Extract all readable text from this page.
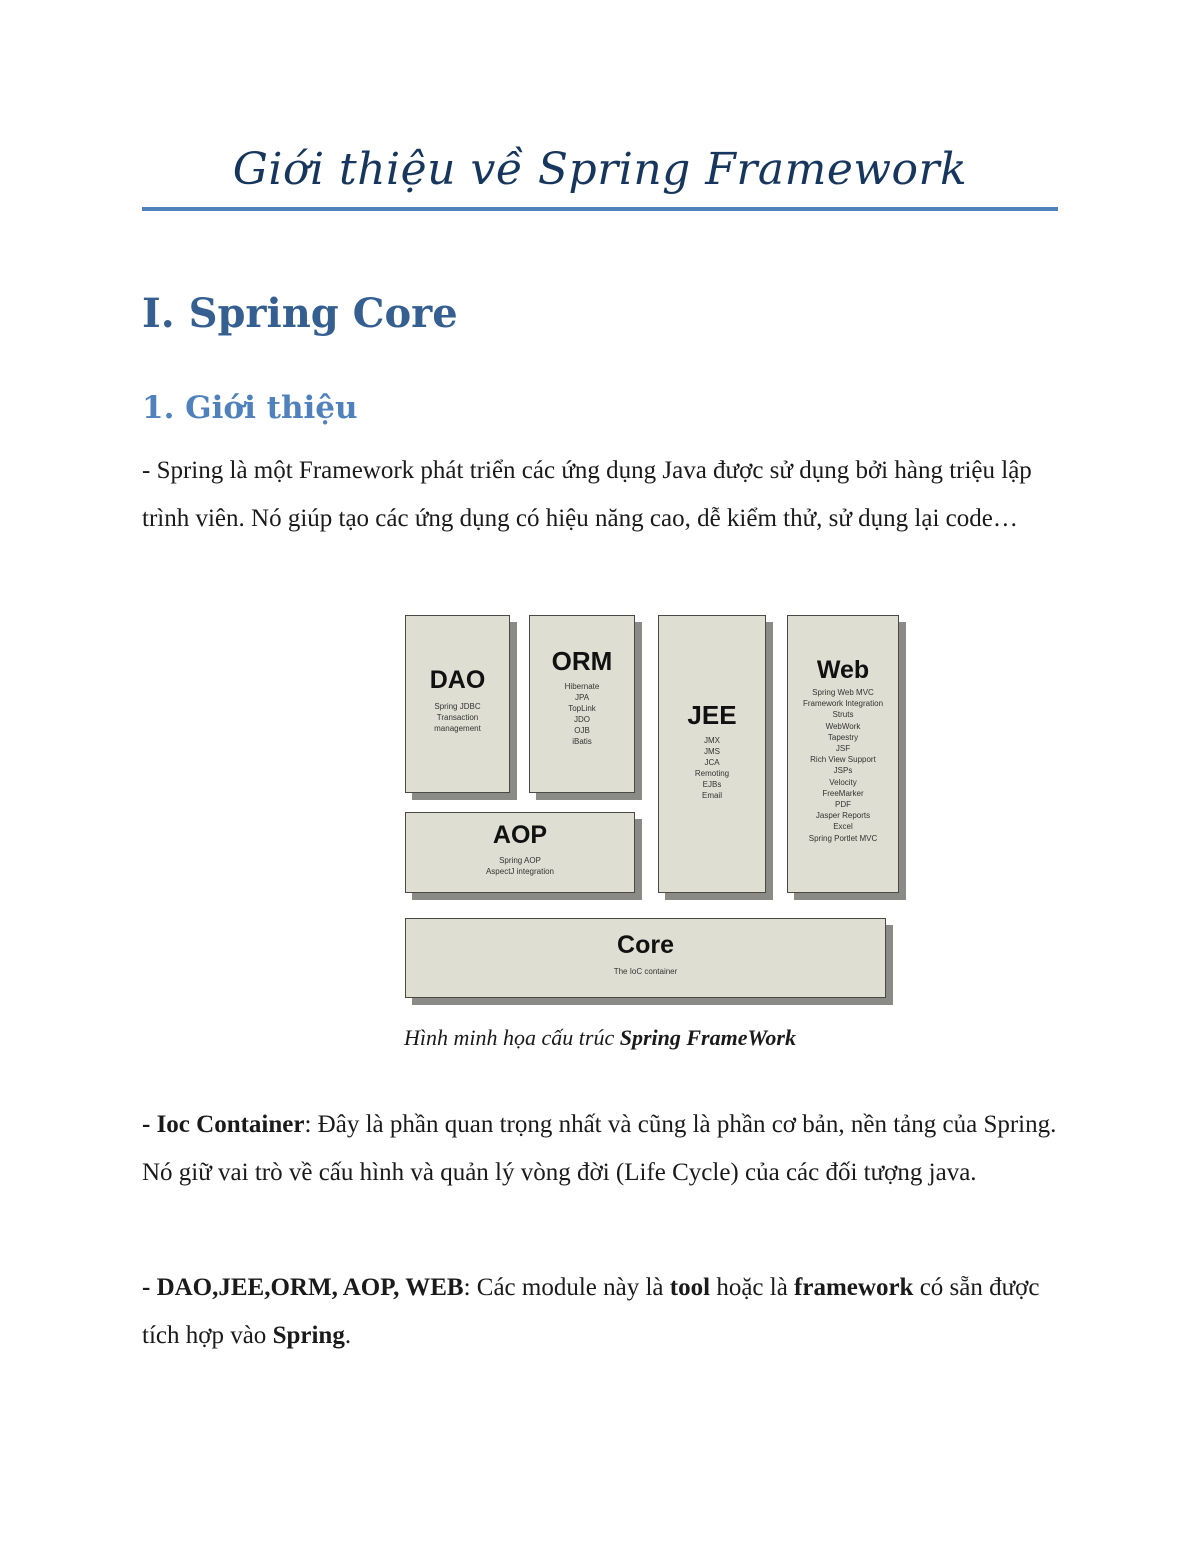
Giới thiệu về Spring Framework
I. Spring Core
1. Giới thiệu

- Spring là một Framework phát triển các ứng dụng Java được sử dụng bởi hàng triệu lập trình viên. Nó giúp tạo các ứng dụng có hiệu năng cao, dễ kiểm thử, sử dụng lại code…

DAO
Spring JDBC
Transaction
management
ORM
Hibernate
JPA
TopLink
JDO
OJB
iBatis
JEE
JMX
JMS
JCA
Remoting
EJBs
Email
Web
Spring Web MVC
Framework Integration
Struts
WebWork
Tapestry
JSF
Rich View Support
JSPs
Velocity
FreeMarker
PDF
Jasper Reports
Excel
Spring Portlet MVC
AOP
Spring AOP
AspectJ integration
Core
The IoC container

Hình minh họa cấu trúc Spring FrameWork

- Ioc Container: Đây là phần quan trọng nhất và cũng là phần cơ bản, nền tảng của Spring. Nó giữ vai trò về cấu hình và quản lý vòng đời (Life Cycle) của các đối tượng java.

- DAO,JEE,ORM, AOP, WEB: Các module này là tool hoặc là framework có sẵn được tích hợp vào Spring.
